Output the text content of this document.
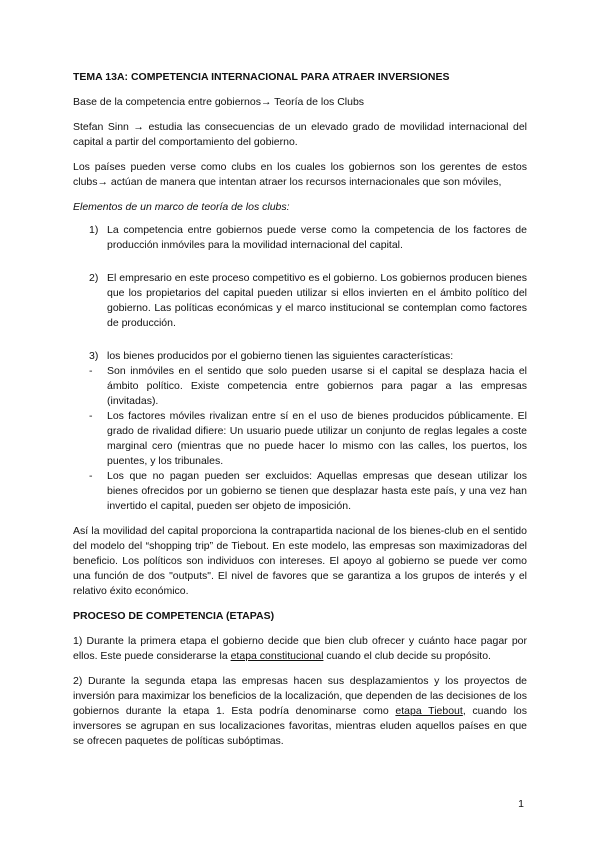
TEMA 13A: COMPETENCIA INTERNACIONAL PARA ATRAER INVERSIONES

Base de la competencia entre gobiernos→ Teoría de los Clubs

Stefan Sinn → estudia las consecuencias de un elevado grado de movilidad internacional del capital a partir del comportamiento del gobierno.

Los países pueden verse como clubs en los cuales los gobiernos son los gerentes de estos clubs→ actúan de manera que intentan atraer los recursos internacionales que son móviles,

Elementos de un marco de teoría de los clubs:

1) La competencia entre gobiernos puede verse como la competencia de los factores de producción inmóviles para la movilidad internacional del capital.
2) El empresario en este proceso competitivo es el gobierno. Los gobiernos producen bienes que los propietarios del capital pueden utilizar si ellos invierten en el ámbito político del gobierno. Las políticas económicas y el marco institucional se contemplan como factores de producción.
3) los bienes producidos por el gobierno tienen las siguientes características:
-	Son inmóviles en el sentido que solo pueden usarse si el capital se desplaza hacia el ámbito político. Existe competencia entre gobiernos para pagar a las empresas (invitadas).
-	Los factores móviles rivalizan entre sí en el uso de bienes producidos públicamente. El grado de rivalidad difiere: Un usuario puede utilizar un conjunto de reglas legales a coste marginal cero (mientras que no puede hacer lo mismo con las calles, los puertos, los puentes, y los tribunales.
-	Los que no pagan pueden ser excluidos: Aquellas empresas que desean utilizar los bienes ofrecidos por un gobierno se tienen que desplazar hasta este país, y una vez han invertido el capital, pueden ser objeto de imposición.

Así la movilidad del capital proporciona la contrapartida nacional de los bienes-club en el sentido del modelo del “shopping trip” de Tiebout. En este modelo, las empresas son maximizadoras del beneficio. Los políticos son individuos con intereses. El apoyo al gobierno se puede ver como una función de dos "outputs". El nivel de favores que se garantiza a los grupos de interés y el relativo éxito económico.

PROCESO DE COMPETENCIA (ETAPAS)

1) Durante la primera etapa el gobierno decide que bien club ofrecer y cuánto hace pagar por ellos. Este puede considerarse la etapa constitucional cuando el club decide su propósito.

2) Durante la segunda etapa las empresas hacen sus desplazamientos y los proyectos de inversión para maximizar los beneficios de la localización, que dependen de las decisiones de los gobiernos durante la etapa 1. Esta podría denominarse como etapa Tiebout, cuando los inversores se agrupan en sus localizaciones favoritas, mientras eluden aquellos países en que se ofrecen paquetes de políticas subóptimas.

1
